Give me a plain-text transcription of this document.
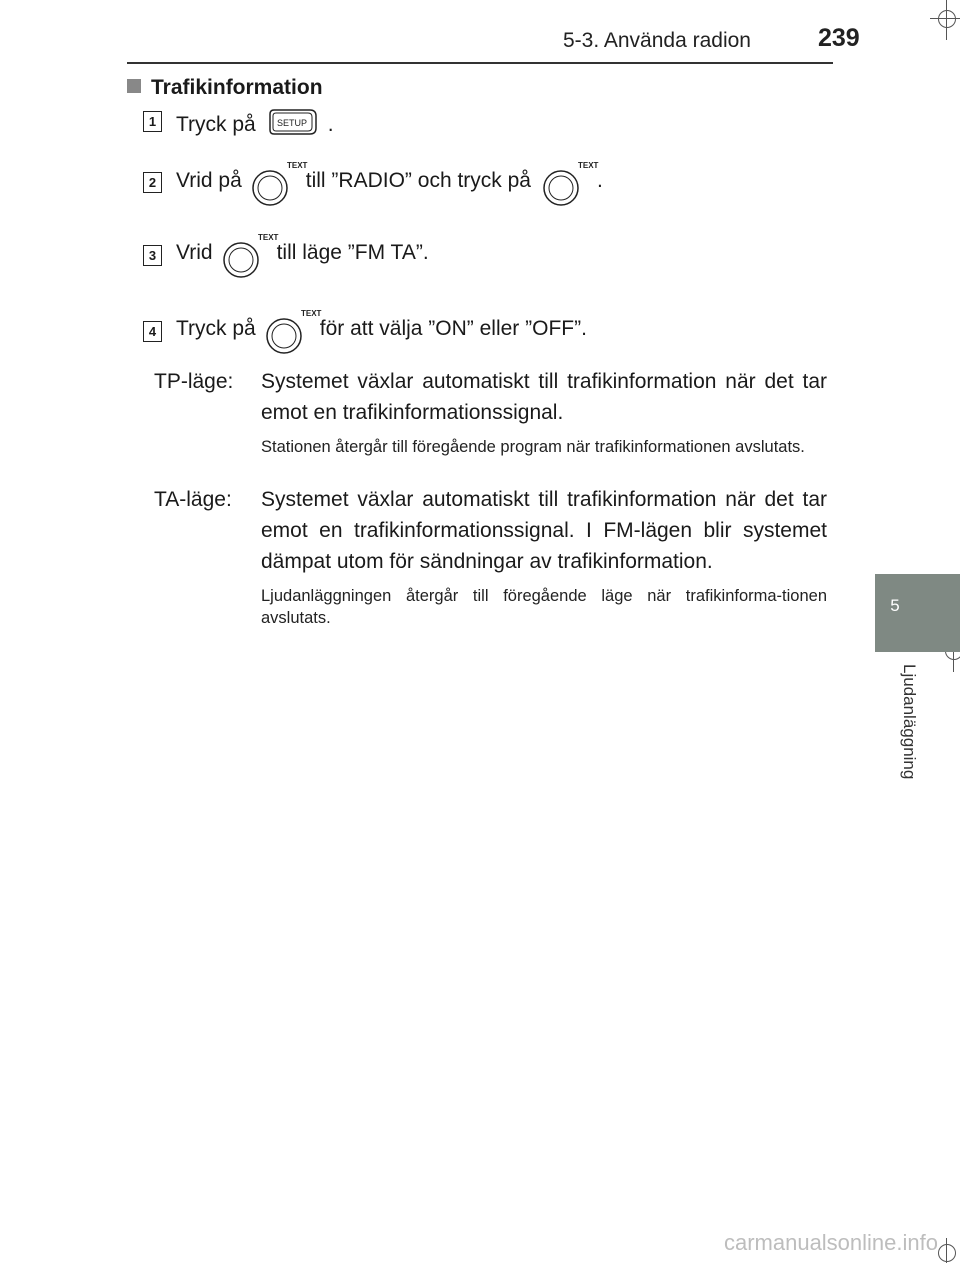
5-3. Använda radion	239
5
Ljudanläggning
Trafikinformation
1 Tryck på SETUP .
2 Vrid på
TEXT
till ”RADIO” och tryck på
TEXT
.
3 Vrid
TEXT
till läge ”FM TA”.
4 Tryck på
TEXT
för att välja ”ON” eller ”OFF”.
TP-läge:	Systemet växlar automatiskt till trafikinformation när det tar emot en trafikinformationssignal.
Stationen återgår till föregående program när trafikinformationen avslutats.
TA-läge:	Systemet växlar automatiskt till trafikinformation när det tar emot en trafikinformationssignal. I FM-lägen blir systemet dämpat utom för sändningar av trafikinformation.
Ljudanläggningen återgår till föregående läge när trafikinforma-tionen avslutats.
carmanualsonline.info
